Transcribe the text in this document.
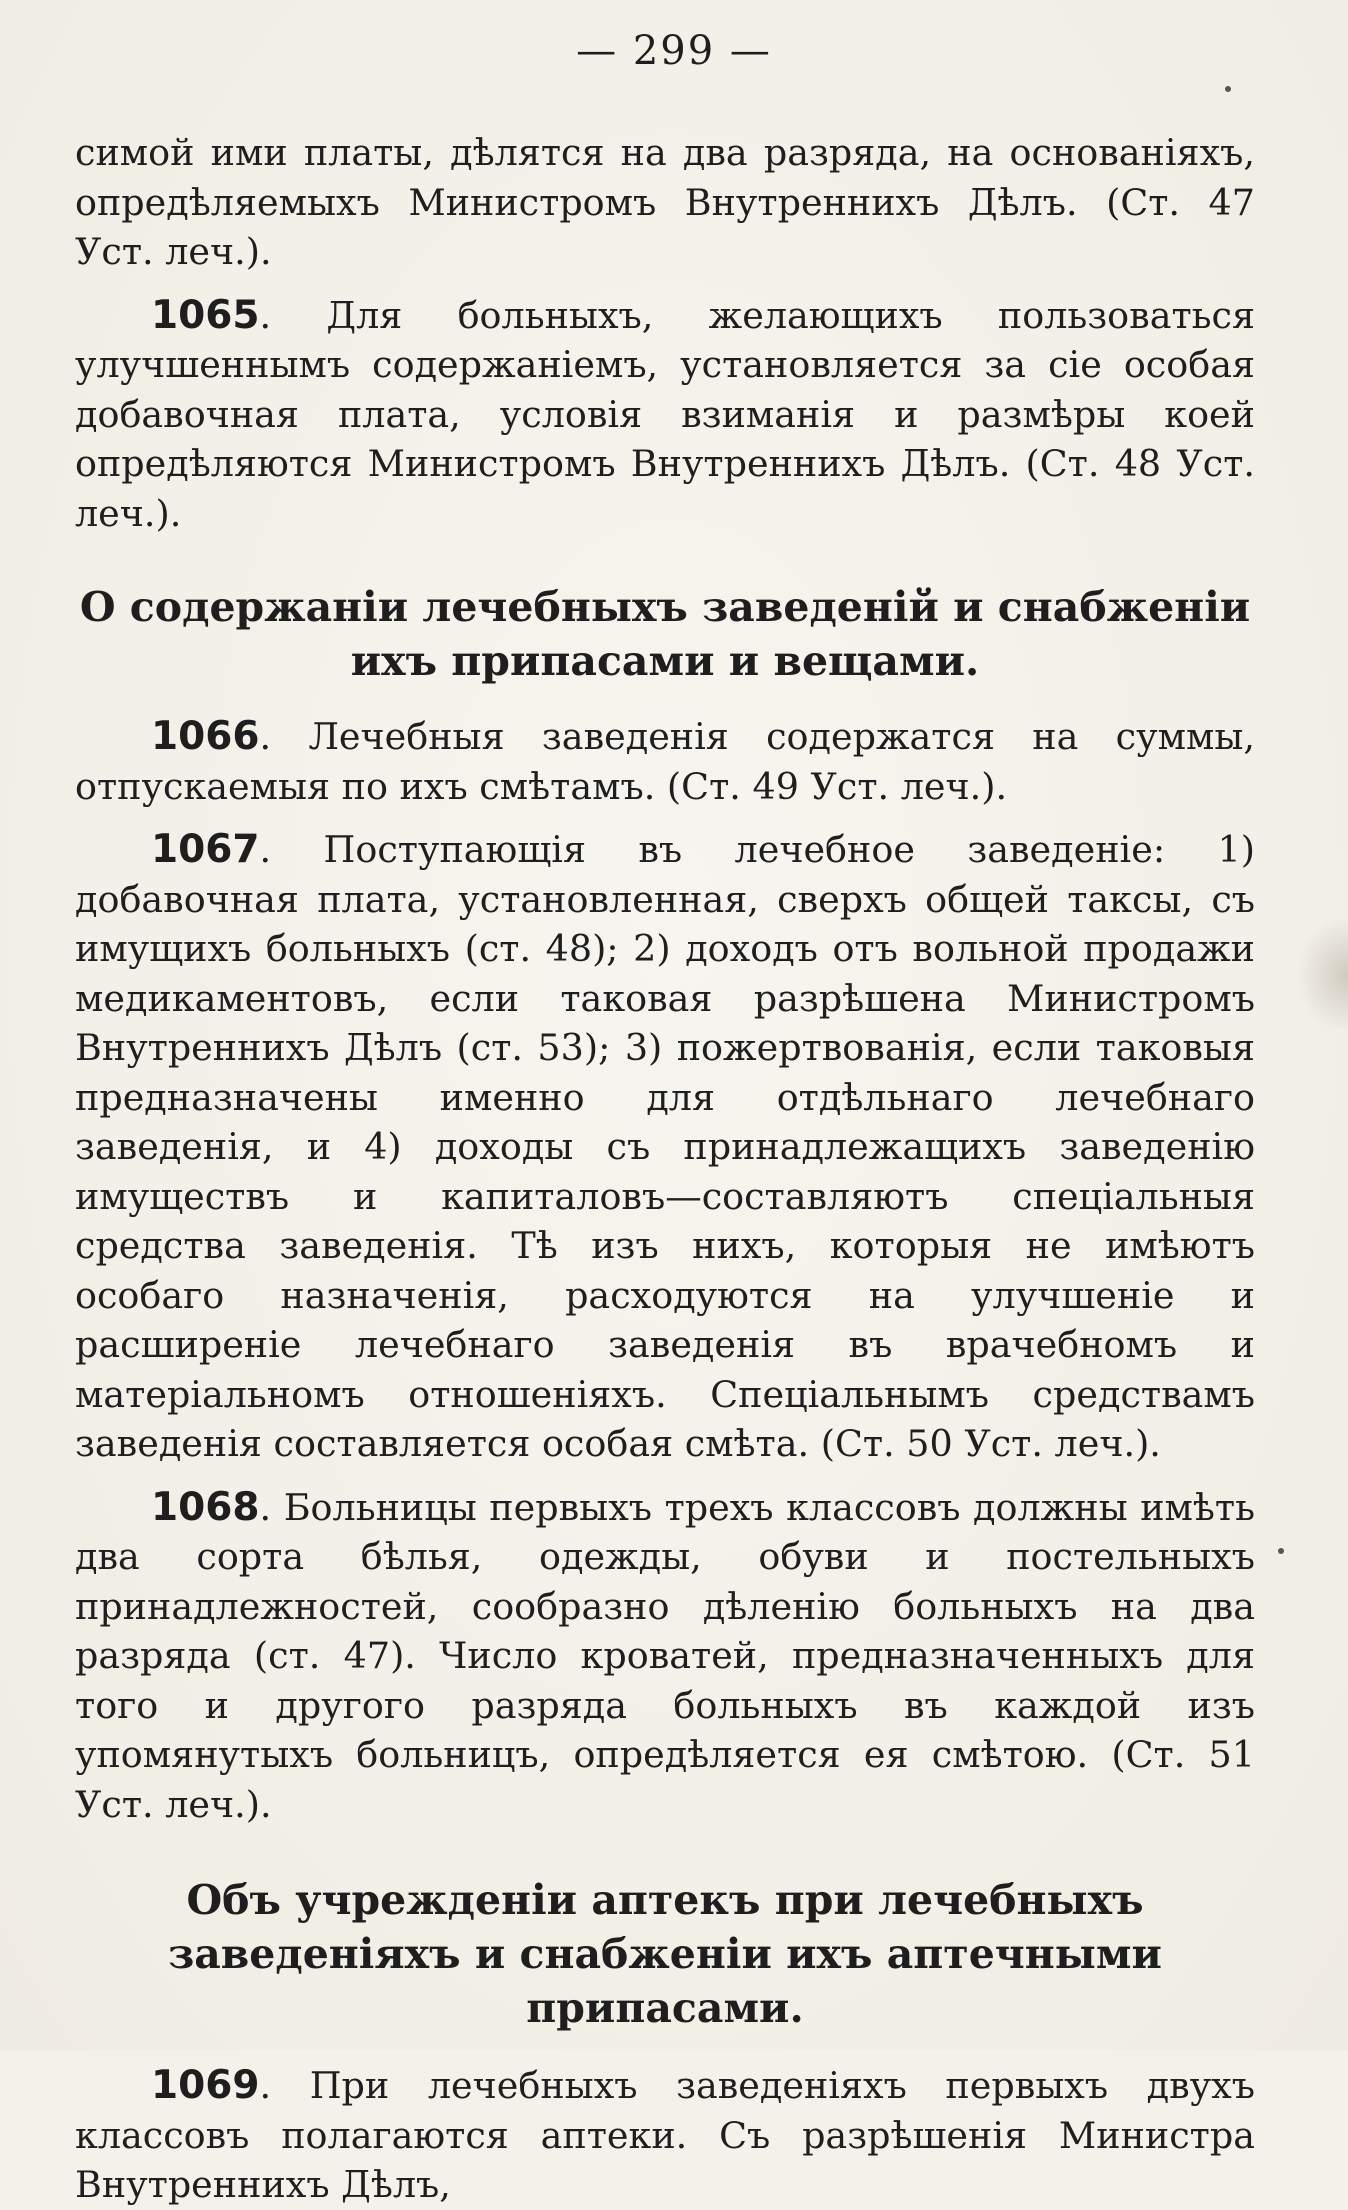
— 299 —

симой ими платы, дѣлятся на два разряда, на основаніяхъ, опредѣляемыхъ Министромъ Внутреннихъ Дѣлъ. (Ст. 47 Уст. леч.).

1065. Для больныхъ, желающихъ пользоваться улучшеннымъ содержаніемъ, установляется за сіе особая добавочная плата, условія взиманія и размѣры коей опредѣляются Министромъ Внутреннихъ Дѣлъ. (Ст. 48 Уст. леч.).

О содержаніи лечебныхъ заведеній и снабженіи ихъ припасами и вещами.

1066. Лечебныя заведенія содержатся на суммы, отпускаемыя по ихъ смѣтамъ. (Ст. 49 Уст. леч.).

1067. Поступающія въ лечебное заведеніе: 1) добавочная плата, установленная, сверхъ общей таксы, съ имущихъ больныхъ (ст. 48); 2) доходъ отъ вольной продажи медикаментовъ, если таковая разрѣшена Министромъ Внутреннихъ Дѣлъ (ст. 53); 3) пожертвованія, если таковыя предназначены именно для отдѣльнаго лечебнаго заведенія, и 4) доходы съ принадлежащихъ заведенію имуществъ и капиталовъ—составляютъ спеціальныя средства заведенія. Тѣ изъ нихъ, которыя не имѣютъ особаго назначенія, расходуются на улучшеніе и расширеніе лечебнаго заведенія въ врачебномъ и матеріальномъ отношеніяхъ. Спеціальнымъ средствамъ заведенія составляется особая смѣта. (Ст. 50 Уст. леч.).

1068. Больницы первыхъ трехъ классовъ должны имѣть два сорта бѣлья, одежды, обуви и постельныхъ принадлежностей, сообразно дѣленію больныхъ на два разряда (ст. 47). Число кроватей, предназначенныхъ для того и другого разряда больныхъ въ каждой изъ упомянутыхъ больницъ, опредѣляется ея смѣтою. (Ст. 51 Уст. леч.).

Объ учрежденіи аптекъ при лечебныхъ заведеніяхъ и снабженіи ихъ аптечными припасами.

1069. При лечебныхъ заведеніяхъ первыхъ двухъ классовъ полагаются аптеки. Съ разрѣшенія Министра Внутреннихъ Дѣлъ,
